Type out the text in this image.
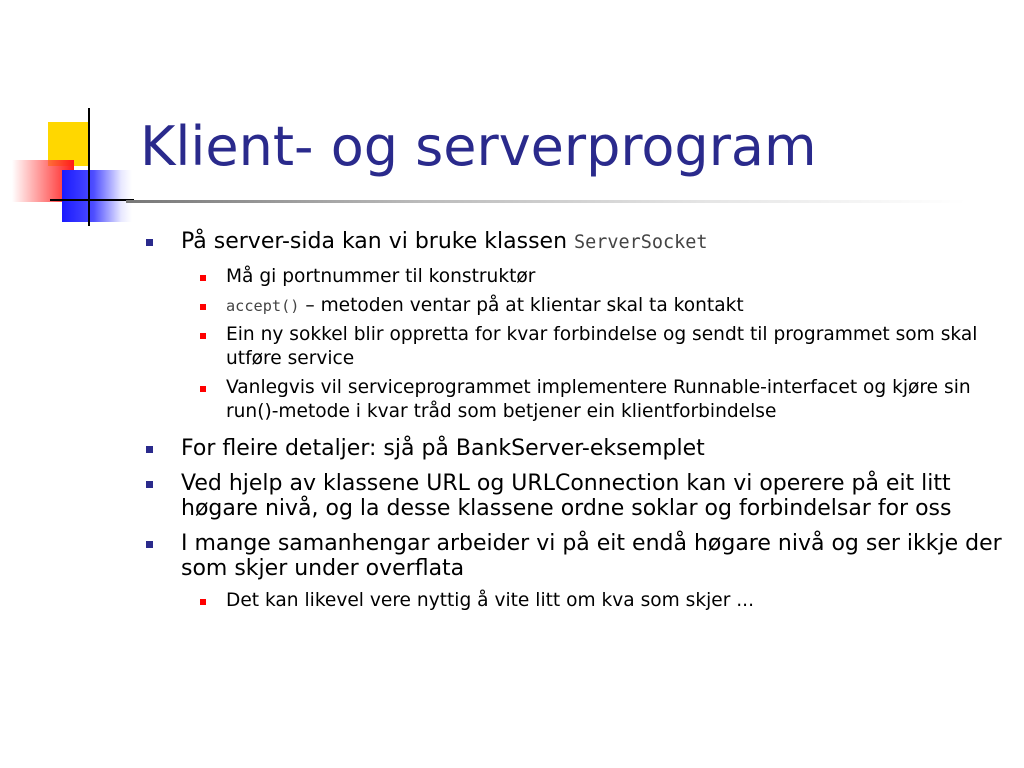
Klient- og serverprogram
På server-sida kan vi bruke klassen ServerSocket
Må gi portnummer til konstruktør
accept() – metoden ventar på at klientar skal ta kontakt
Ein ny sokkel blir oppretta for kvar forbindelse og sendt til programmet som skal utføre service
Vanlegvis vil serviceprogrammet implementere Runnable-interfacet og kjøre sin run()-metode i kvar tråd som betjener ein klientforbindelse
For fleire detaljer: sjå på BankServer-eksemplet
Ved hjelp av klassene URL og URLConnection kan vi operere på eit litt høgare nivå, og la desse klassene ordne soklar og forbindelsar for oss
I mange samanhengar arbeider vi på eit endå høgare nivå og ser ikkje der som skjer under overflata
Det kan likevel vere nyttig å vite litt om kva som skjer ...
